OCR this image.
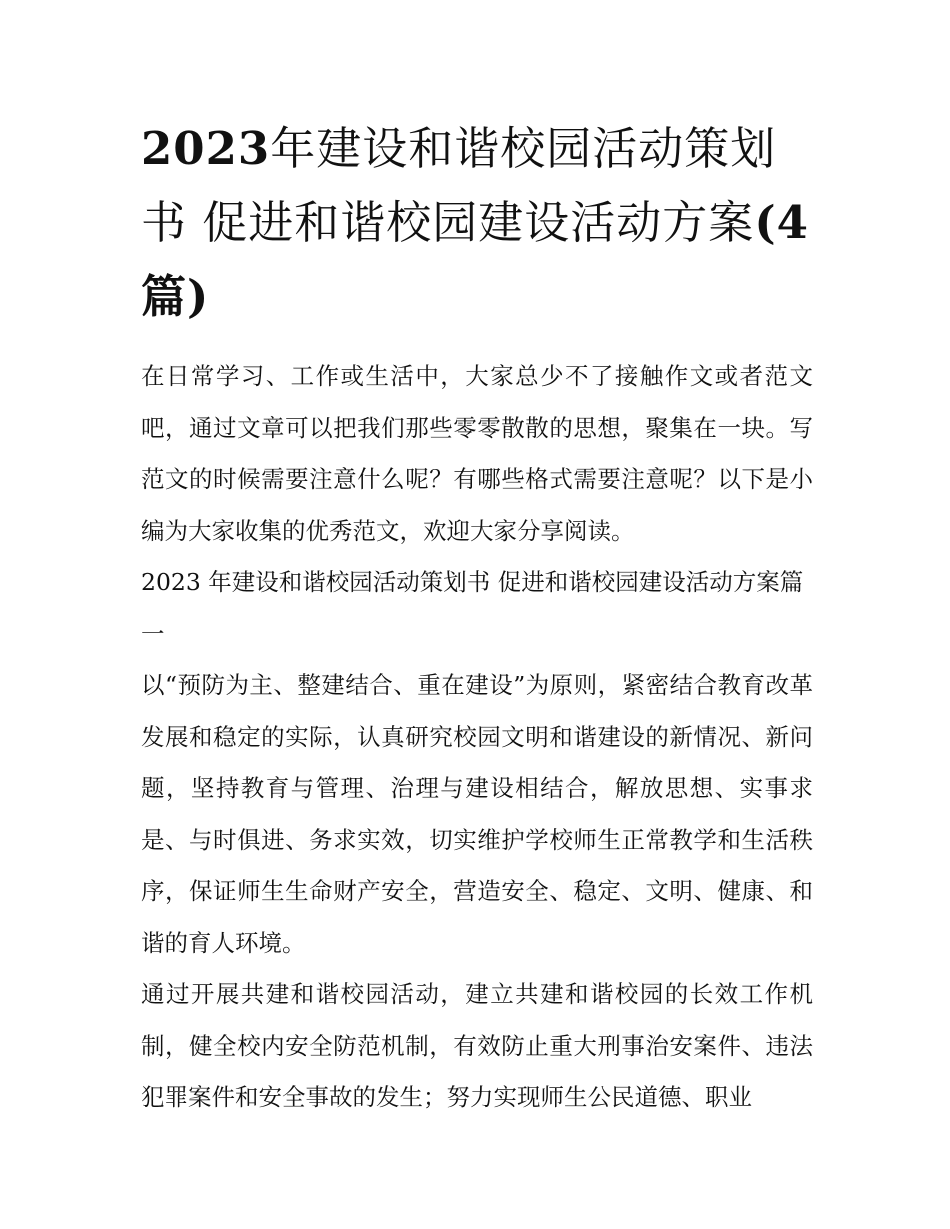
2023年建设和谐校园活动策划书 促进和谐校园建设活动方案(4 篇)

在日常学习、工作或生活中，大家总少不了接触作文或者范文吧，通过文章可以把我们那些零零散散的思想，聚集在一块。写范文的时候需要注意什么呢？有哪些格式需要注意呢？以下是小编为大家收集的优秀范文，欢迎大家分享阅读。

2023 年建设和谐校园活动策划书 促进和谐校园建设活动方案篇一

以“预防为主、整建结合、重在建设”为原则，紧密结合教育改革发展和稳定的实际，认真研究校园文明和谐建设的新情况、新问题，坚持教育与管理、治理与建设相结合，解放思想、实事求是、与时俱进、务求实效，切实维护学校师生正常教学和生活秩序，保证师生生命财产安全，营造安全、稳定、文明、健康、和谐的育人环境。

通过开展共建和谐校园活动，建立共建和谐校园的长效工作机制，健全校内安全防范机制，有效防止重大刑事治安案件、违法犯罪案件和安全事故的发生；努力实现师生公民道德、职业
